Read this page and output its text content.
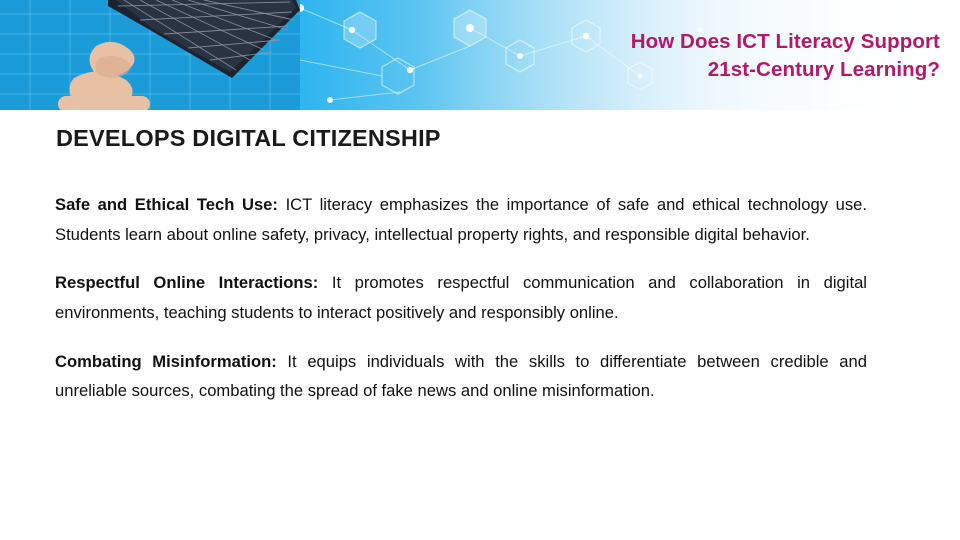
How Does ICT Literacy Support
21st-Century Learning?
DEVELOPS DIGITAL CITIZENSHIP

Safe and Ethical Tech Use: ICT literacy emphasizes the importance of safe and ethical technology use. Students learn about online safety, privacy, intellectual property rights, and responsible digital behavior.

Respectful Online Interactions: It promotes respectful communication and collaboration in digital environments, teaching students to interact positively and responsibly online.

Combating Misinformation: It equips individuals with the skills to differentiate between credible and unreliable sources, combating the spread of fake news and online misinformation.
